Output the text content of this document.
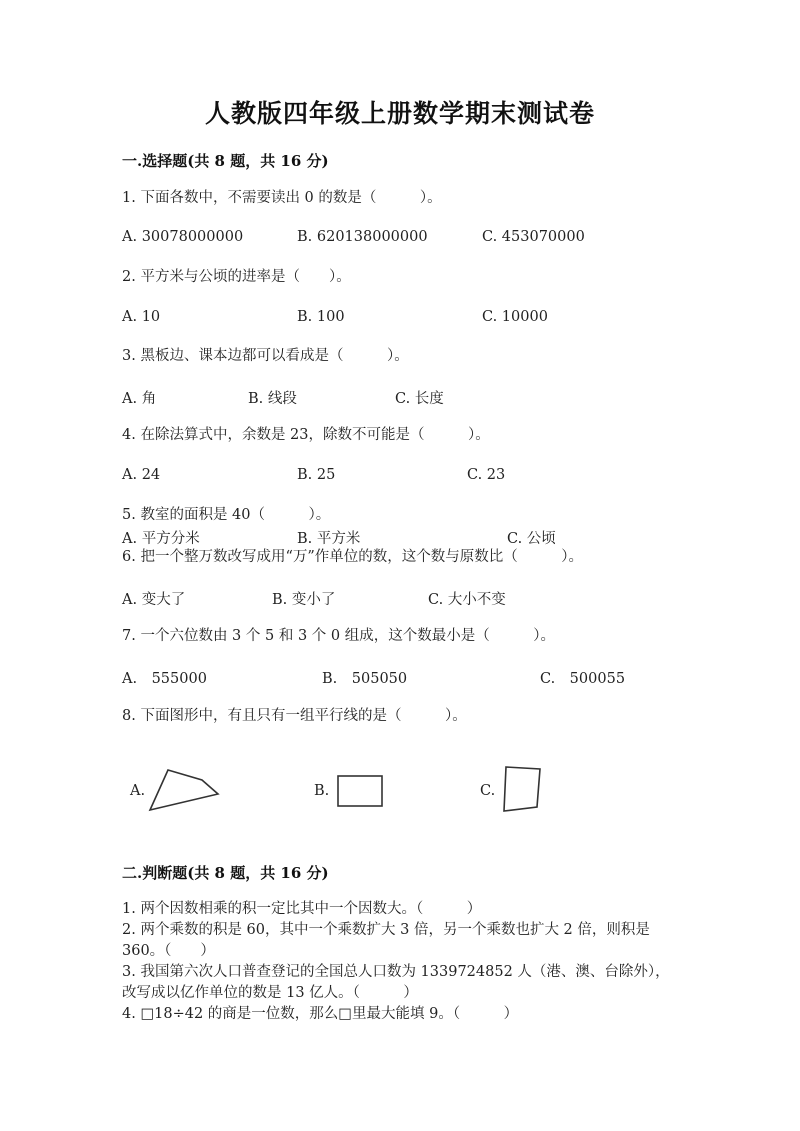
人教版四年级上册数学期末测试卷
一.选择题(共 8 题，共 16 分)
1. 下面各数中，不需要读出 0 的数是（　　　）。
A. 30078000000	B. 620138000000	C. 453070000
2. 平方米与公顷的进率是（　　）。
A. 10	B. 100	C. 10000
3. 黑板边、课本边都可以看成是（　　　）。
A. 角	B. 线段	C. 长度
4. 在除法算式中，余数是 23，除数不可能是（　　　）。
A. 24	B. 25	C. 23
5. 教室的面积是 40（　　　）。
A. 平方分米	B. 平方米	C. 公顷
6. 把一个整万数改写成用“万”作单位的数，这个数与原数比（　　　）。
A. 变大了	B. 变小了	C. 大小不变
7. 一个六位数由 3 个 5 和 3 个 0 组成，这个数最小是（　　　）。
A.　555000	B.　505050	C.　500055
8. 下面图形中，有且只有一组平行线的是（　　　）。
A.	B.	C.
二.判断题(共 8 题，共 16 分)
1. 两个因数相乘的积一定比其中一个因数大。（　　　）
2. 两个乘数的积是 60，其中一个乘数扩大 3 倍，另一个乘数也扩大 2 倍，则积是 360。（　　）
3. 我国第六次人口普查登记的全国总人口数为 1339724852 人（港、澳、台除外），改写成以亿作单位的数是 13 亿人。（　　　）
4. □18÷42 的商是一位数，那么□里最大能填 9。（　　　）
